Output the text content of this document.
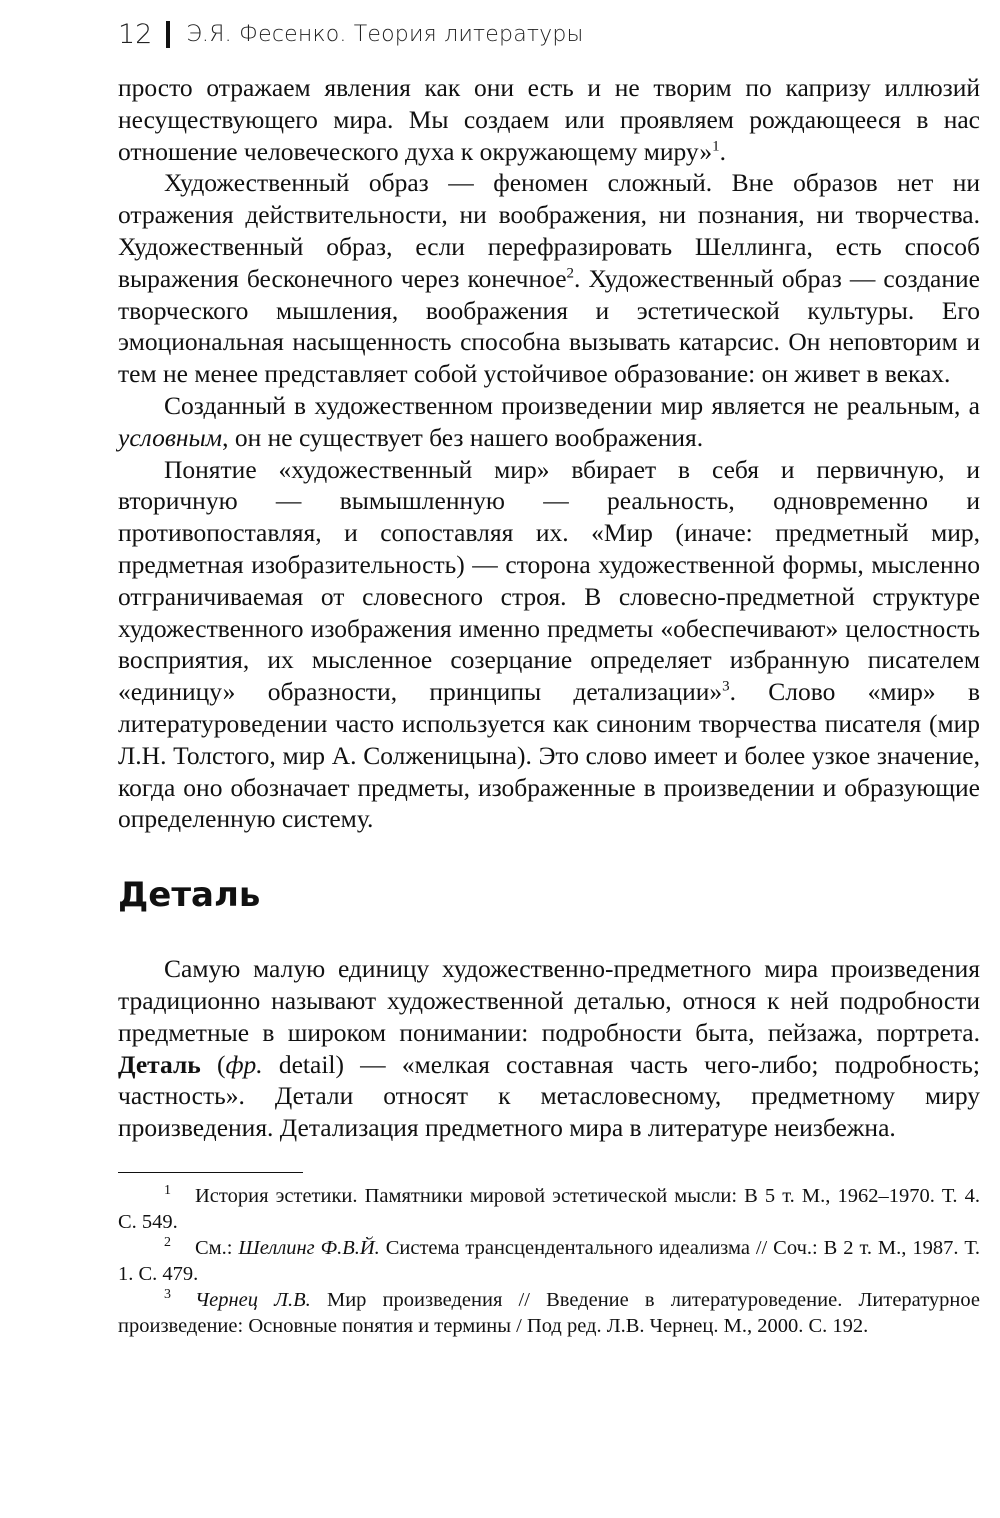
12 Э.Я. Фесенко. Теория литературы

просто отражаем явления как они есть и не творим по капризу иллюзий несуществующего мира. Мы создаем или проявляем рождающееся в нас отношение человеческого духа к окружающему миру»$^1$.

Художественный образ — феномен сложный. Вне образов нет ни отражения действительности, ни воображения, ни познания, ни творчества. Художественный образ, если перефразировать Шеллинга, есть способ выражения бесконечного через конечное$^2$. Художественный образ — создание творческого мышления, воображения и эстетической культуры. Его эмоциональная насыщенность способна вызывать катарсис. Он неповторим и тем не менее представляет собой устойчивое образование: он живет в веках.

Созданный в художественном произведении мир является не реальным, а условным, он не существует без нашего воображения.

Понятие «художественный мир» вбирает в себя и первичную, и вторичную — вымышленную — реальность, одновременно и противопоставляя, и сопоставляя их. «Мир (иначе: предметный мир, предметная изобразительность) — сторона художественной формы, мысленно отграничиваемая от словесного строя. В словесно-предметной структуре художественного изображения именно предметы «обеспечивают» целостность восприятия, их мысленное созерцание определяет избранную писателем «единицу» образности, принципы детализации»$^3$. Слово «мир» в литературоведении часто используется как синоним творчества писателя (мир Л.Н. Толстого, мир А. Солженицына). Это слово имеет и более узкое значение, когда оно обозначает предметы, изображенные в произведении и образующие определенную систему.

Деталь

Самую малую единицу художественно-предметного мира произведения традиционно называют художественной деталью, относя к ней подробности предметные в широком понимании: подробности быта, пейзажа, портрета. Деталь (фр. detail) — «мелкая составная часть чего-либо; подробность; частность». Детали относят к метасловесному, предметному миру произведения. Детализация предметного мира в литературе неизбежна.

$^1$ История эстетики. Памятники мировой эстетической мысли: В 5 т. М., 1962–1970. Т. 4. С. 549.

$^2$ См.: Шеллинг Ф.В.Й. Система трансцендентального идеализма // Соч.: В 2 т. М., 1987. Т. 1. С. 479.

$^3$ Чернец Л.В. Мир произведения // Введение в литературоведение. Литературное произведение: Основные понятия и термины / Под ред. Л.В. Чернец. М., 2000. С. 192.
